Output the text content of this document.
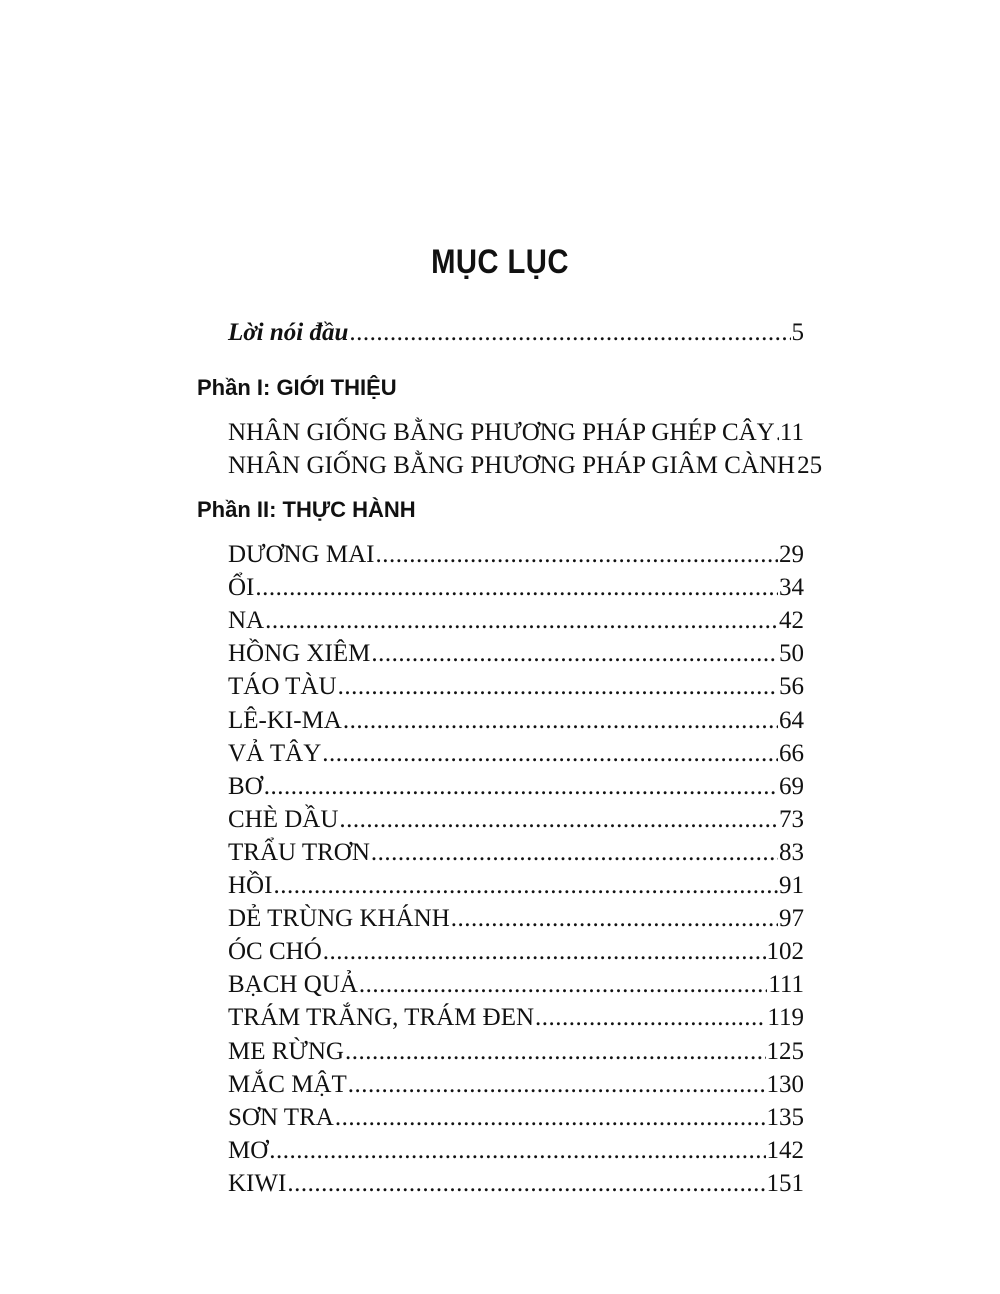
MỤC LỤC
Lời nói đầu .....	5
Phần I: GIỚI THIỆU
NHÂN GIỐNG BẰNG PHƯƠNG PHÁP GHÉP CÂY ..... 11
NHÂN GIỐNG BẰNG PHƯƠNG PHÁP GIÂM CÀNH 25
Phần II: THỰC HÀNH
DƯƠNG MAI .....	29
ỔI .....	34
NA .....	42
HỒNG XIÊM .....	50
TÁO TÀU .....	56
LÊ-KI-MA .....	64
VẢ TÂY .....	66
BƠ .....	69
CHÈ DẦU .....	73
TRẨU TRƠN .....	83
HỒI .....	91
DẺ TRÙNG KHÁNH .....	97
ÓC CHÓ .....	102
BẠCH QUẢ .....	111
TRÁM TRẮNG, TRÁM ĐEN .....	119
ME RỪNG .....	125
MẮC MẬT .....	130
SƠN TRA .....	135
MƠ .....	142
KIWI .....	151
